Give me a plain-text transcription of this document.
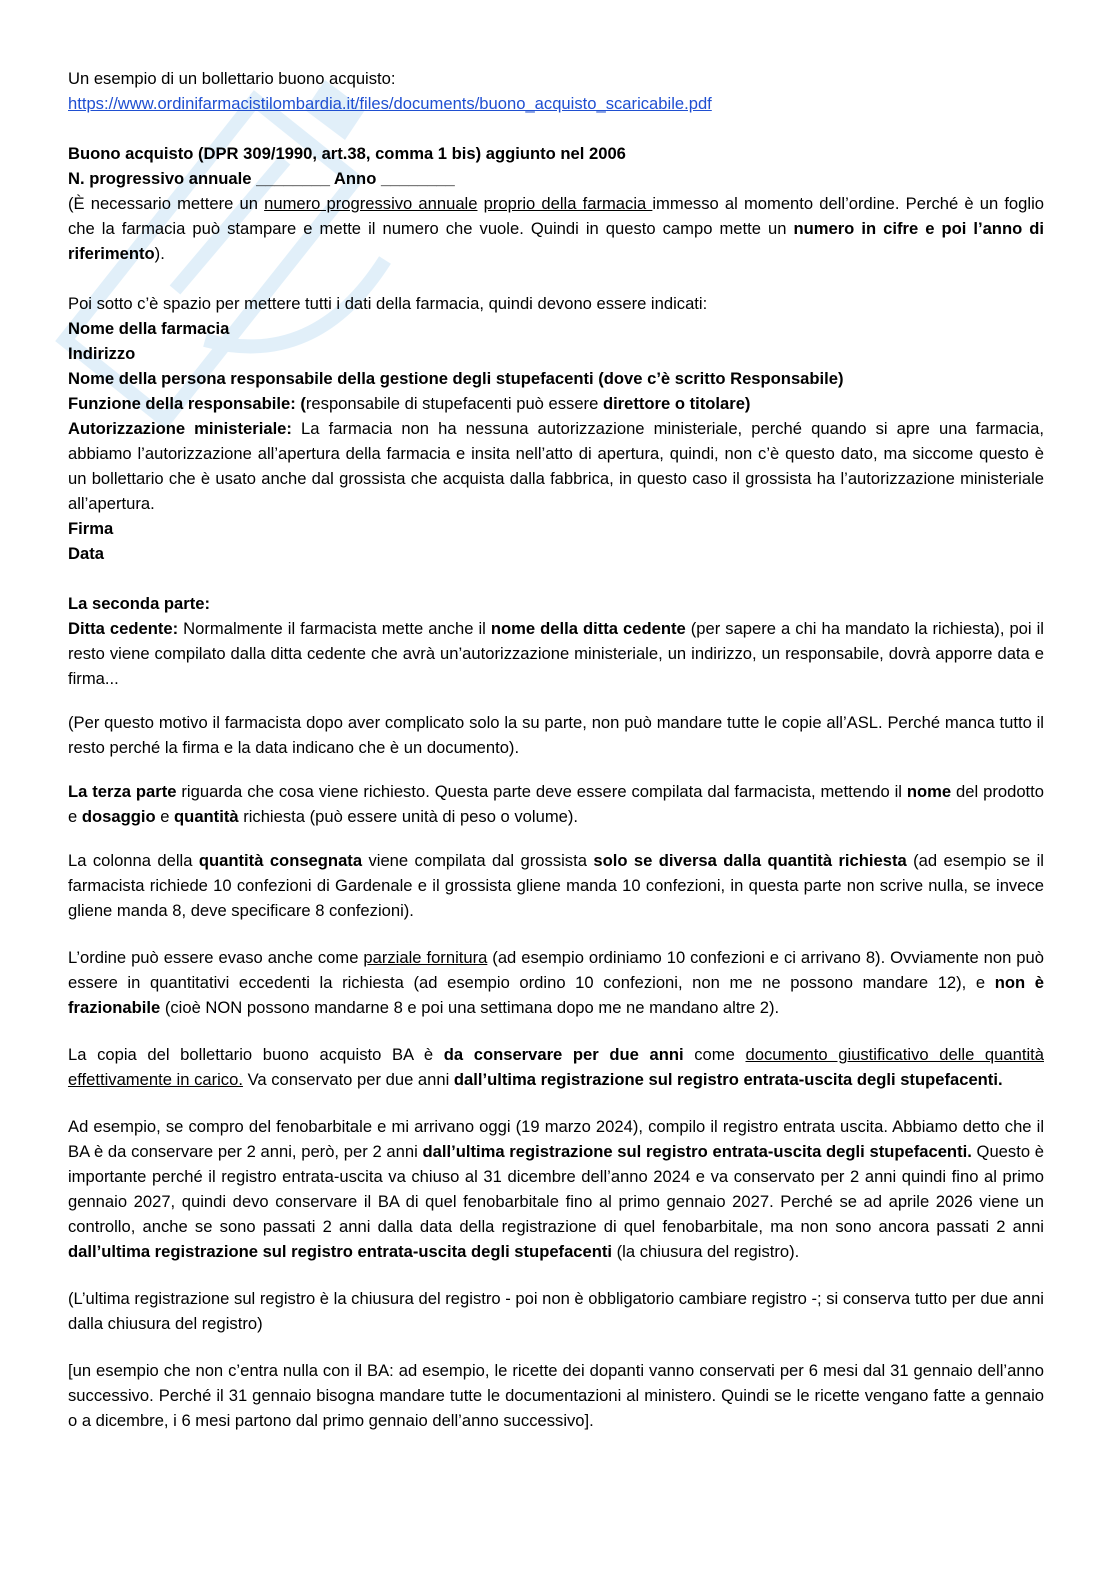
Un esempio di un bollettario buono acquisto:

https://www.ordinifarmacistilombardia.it/files/documents/buono_acquisto_scaricabile.pdf

Buono acquisto (DPR 309/1990, art.38, comma 1 bis) aggiunto nel 2006

N. progressivo annuale ________ Anno ________

(È necessario mettere un numero progressivo annuale proprio della farmacia immesso al momento dell’ordine. Perché è un foglio che la farmacia può stampare e mette il numero che vuole. Quindi in questo campo mette un numero in cifre e poi l’anno di riferimento).

Poi sotto c’è spazio per mettere tutti i dati della farmacia, quindi devono essere indicati:

Nome della farmacia

Indirizzo

Nome della persona responsabile della gestione degli stupefacenti (dove c’è scritto Responsabile)

Funzione della responsabile: (responsabile di stupefacenti può essere direttore o titolare)

Autorizzazione ministeriale: La farmacia non ha nessuna autorizzazione ministeriale, perché quando si apre una farmacia, abbiamo l’autorizzazione all’apertura della farmacia e insita nell’atto di apertura, quindi, non c’è questo dato, ma siccome questo è un bollettario che è usato anche dal grossista che acquista dalla fabbrica, in questo caso il grossista ha l’autorizzazione ministeriale all’apertura.

Firma

Data

La seconda parte:

Ditta cedente: Normalmente il farmacista mette anche il nome della ditta cedente (per sapere a chi ha mandato la richiesta), poi il resto viene compilato dalla ditta cedente che avrà un’autorizzazione ministeriale, un indirizzo, un responsabile, dovrà apporre data e firma...

(Per questo motivo il farmacista dopo aver complicato solo la su parte, non può mandare tutte le copie all’ASL. Perché manca tutto il resto perché la firma e la data indicano che è un documento).

La terza parte riguarda che cosa viene richiesto. Questa parte deve essere compilata dal farmacista, mettendo il nome del prodotto e dosaggio e quantità richiesta (può essere unità di peso o volume).

La colonna della quantità consegnata viene compilata dal grossista solo se diversa dalla quantità richiesta (ad esempio se il farmacista richiede 10 confezioni di Gardenale e il grossista gliene manda 10 confezioni, in questa parte non scrive nulla, se invece gliene manda 8, deve specificare 8 confezioni).

L’ordine può essere evaso anche come parziale fornitura (ad esempio ordiniamo 10 confezioni e ci arrivano 8). Ovviamente non può essere in quantitativi eccedenti la richiesta (ad esempio ordino 10 confezioni, non me ne possono mandare 12), e non è frazionabile (cioè NON possono mandarne 8 e poi una settimana dopo me ne mandano altre 2).

La copia del bollettario buono acquisto BA è da conservare per due anni come documento giustificativo delle quantità effettivamente in carico. Va conservato per due anni dall’ultima registrazione sul registro entrata-uscita degli stupefacenti.

Ad esempio, se compro del fenobarbitale e mi arrivano oggi (19 marzo 2024), compilo il registro entrata uscita. Abbiamo detto che il BA è da conservare per 2 anni, però, per 2 anni dall’ultima registrazione sul registro entrata-uscita degli stupefacenti. Questo è importante perché il registro entrata-uscita va chiuso al 31 dicembre dell’anno 2024 e va conservato per 2 anni quindi fino al primo gennaio 2027, quindi devo conservare il BA di quel fenobarbitale fino al primo gennaio 2027. Perché se ad aprile 2026 viene un controllo, anche se sono passati 2 anni dalla data della registrazione di quel fenobarbitale, ma non sono ancora passati 2 anni dall’ultima registrazione sul registro entrata-uscita degli stupefacenti (la chiusura del registro).

(L’ultima registrazione sul registro è la chiusura del registro - poi non è obbligatorio cambiare registro -; si conserva tutto per due anni dalla chiusura del registro)

[un esempio che non c’entra nulla con il BA: ad esempio, le ricette dei dopanti vanno conservati per 6 mesi dal 31 gennaio dell’anno successivo. Perché il 31 gennaio bisogna mandare tutte le documentazioni al ministero. Quindi se le ricette vengano fatte a gennaio o a dicembre, i 6 mesi partono dal primo gennaio dell’anno successivo].
